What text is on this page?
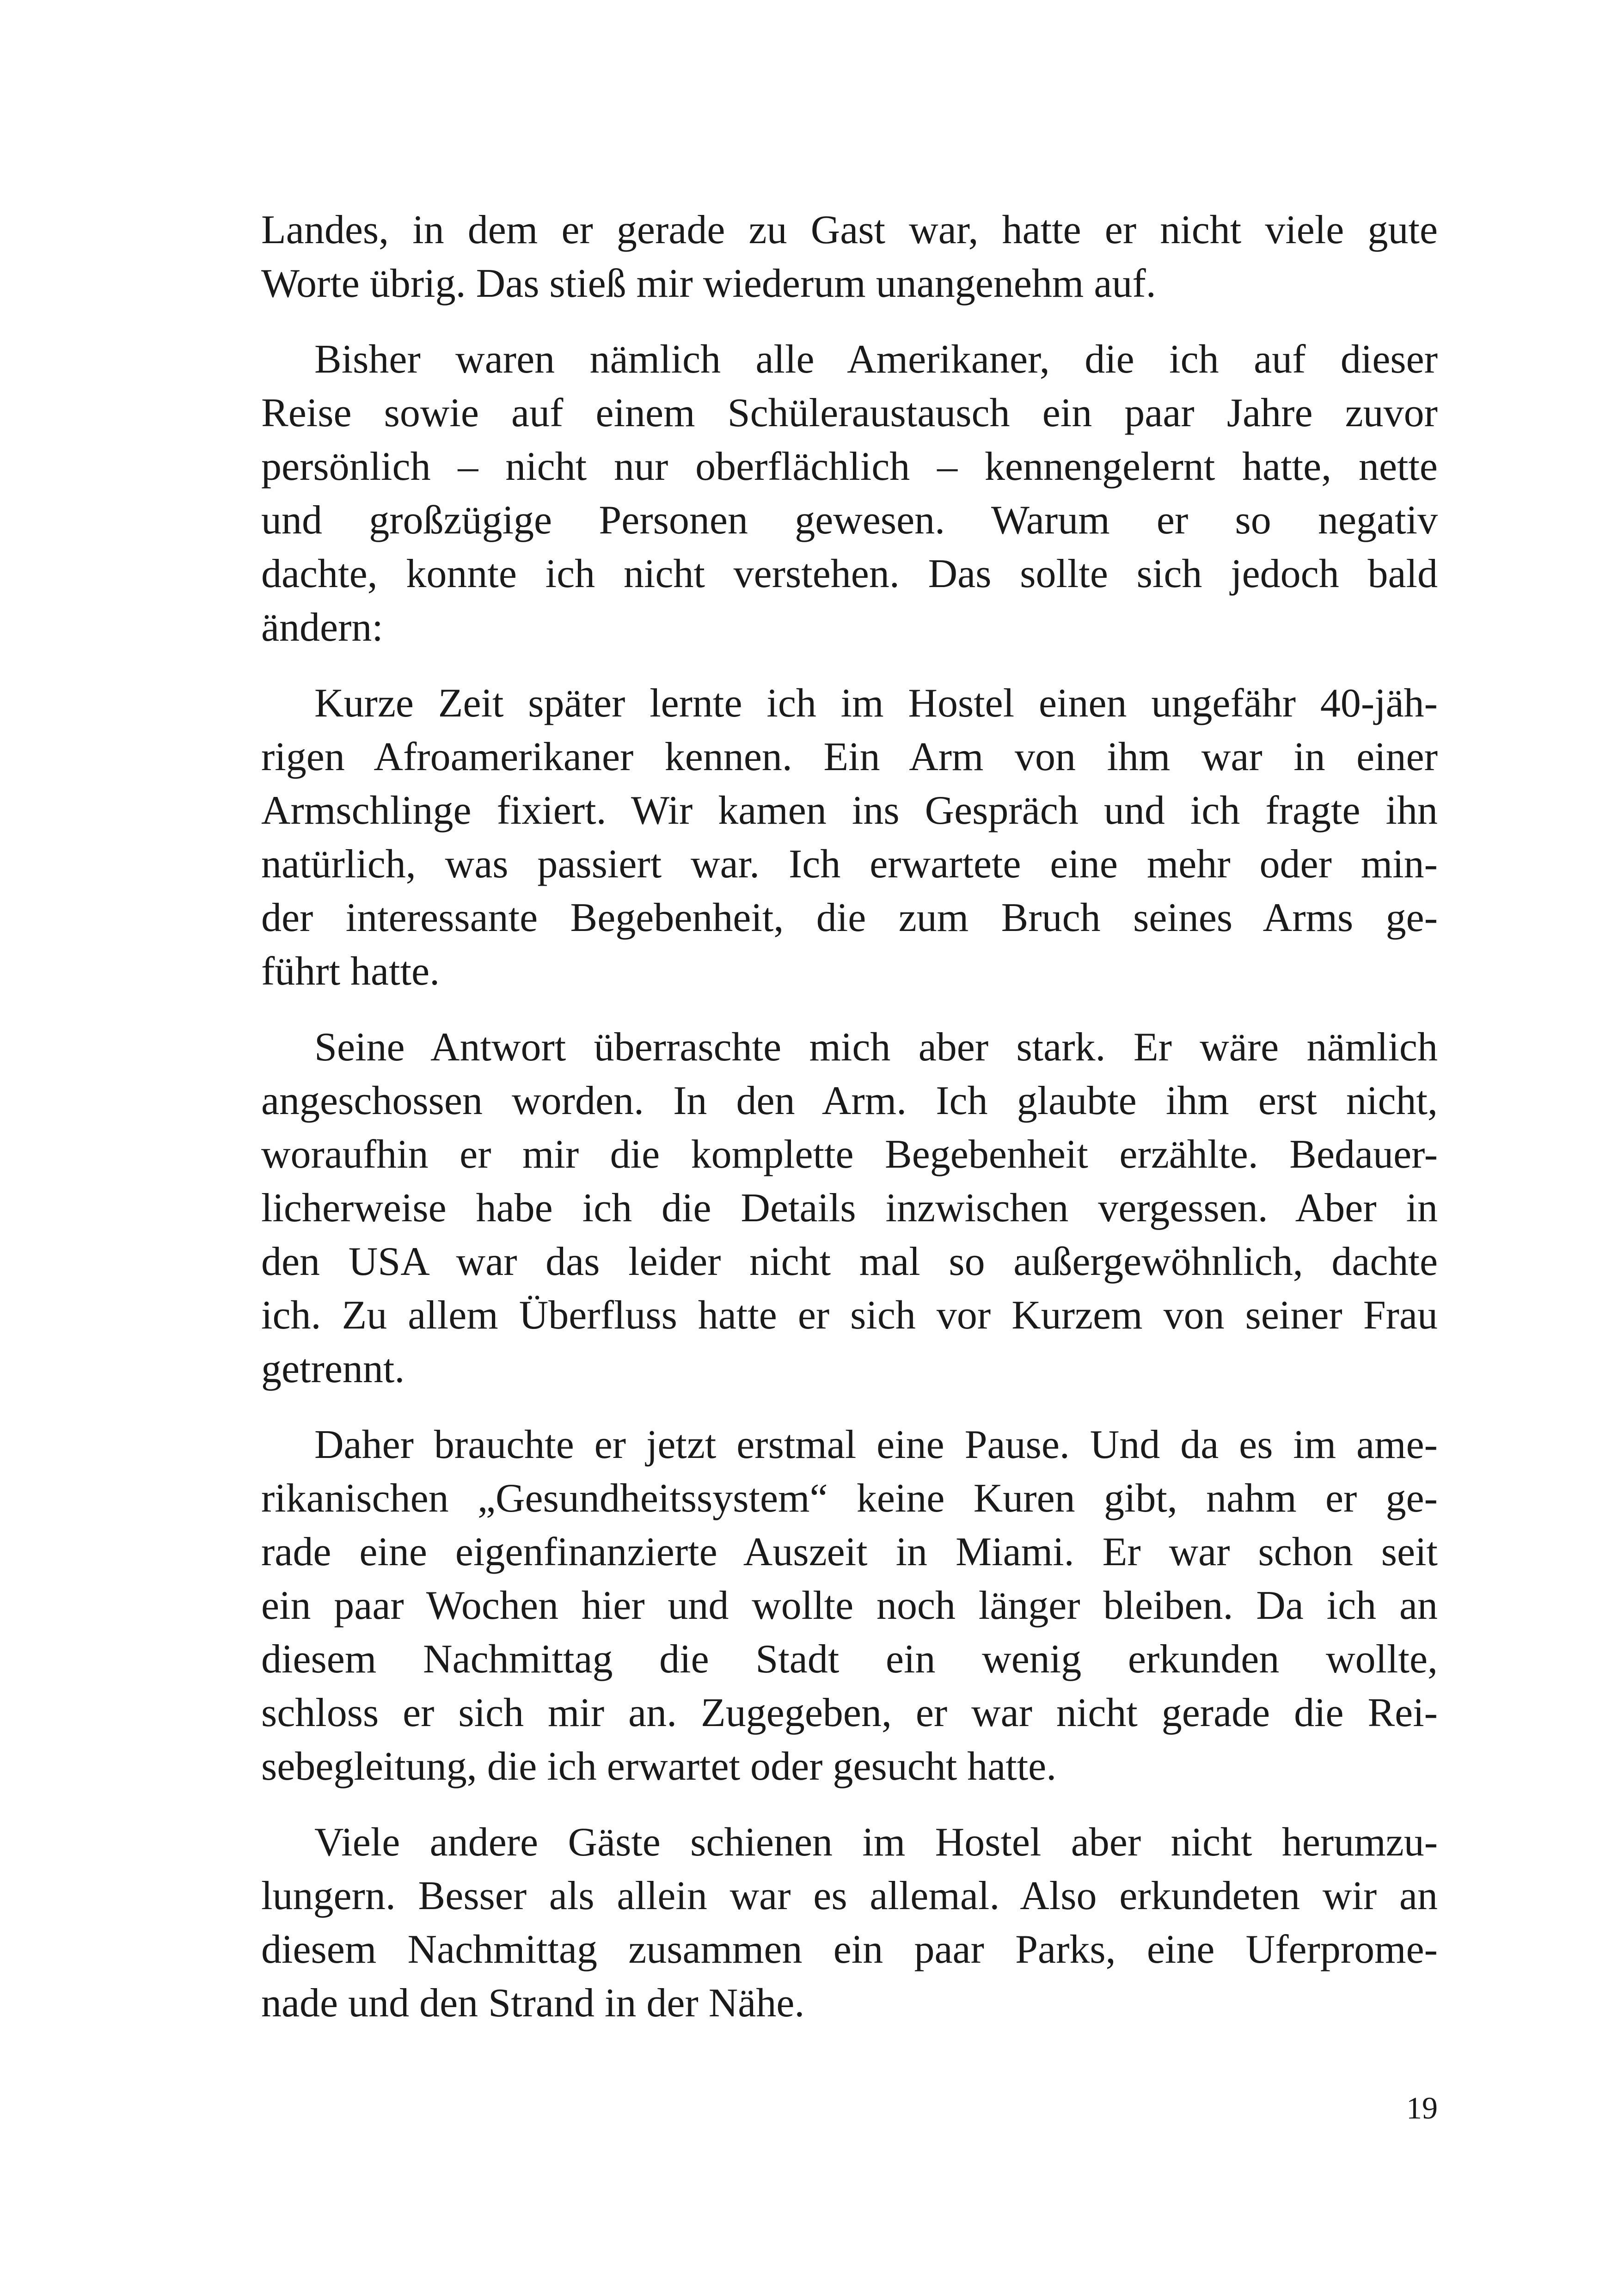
Landes, in dem er gerade zu Gast war, hatte er nicht viele gute
Worte übrig. Das stieß mir wiederum unangenehm auf.
Bisher waren nämlich alle Amerikaner, die ich auf dieser
Reise sowie auf einem Schüleraustausch ein paar Jahre zuvor
persönlich – nicht nur oberflächlich – kennengelernt hatte, nette
und großzügige Personen gewesen. Warum er so negativ
dachte, konnte ich nicht verstehen. Das sollte sich jedoch bald
ändern:
Kurze Zeit später lernte ich im Hostel einen ungefähr 40-jäh-
rigen Afroamerikaner kennen. Ein Arm von ihm war in einer
Armschlinge fixiert. Wir kamen ins Gespräch und ich fragte ihn
natürlich, was passiert war. Ich erwartete eine mehr oder min-
der interessante Begebenheit, die zum Bruch seines Arms ge-
führt hatte.
Seine Antwort überraschte mich aber stark. Er wäre nämlich
angeschossen worden. In den Arm. Ich glaubte ihm erst nicht,
woraufhin er mir die komplette Begebenheit erzählte. Bedauer-
licherweise habe ich die Details inzwischen vergessen. Aber in
den USA war das leider nicht mal so außergewöhnlich, dachte
ich. Zu allem Überfluss hatte er sich vor Kurzem von seiner Frau
getrennt.
Daher brauchte er jetzt erstmal eine Pause. Und da es im ame-
rikanischen „Gesundheitssystem“ keine Kuren gibt, nahm er ge-
rade eine eigenfinanzierte Auszeit in Miami. Er war schon seit
ein paar Wochen hier und wollte noch länger bleiben. Da ich an
diesem Nachmittag die Stadt ein wenig erkunden wollte,
schloss er sich mir an. Zugegeben, er war nicht gerade die Rei-
sebegleitung, die ich erwartet oder gesucht hatte.
Viele andere Gäste schienen im Hostel aber nicht herumzu-
lungern. Besser als allein war es allemal. Also erkundeten wir an
diesem Nachmittag zusammen ein paar Parks, eine Uferprome-
nade und den Strand in der Nähe.
19
